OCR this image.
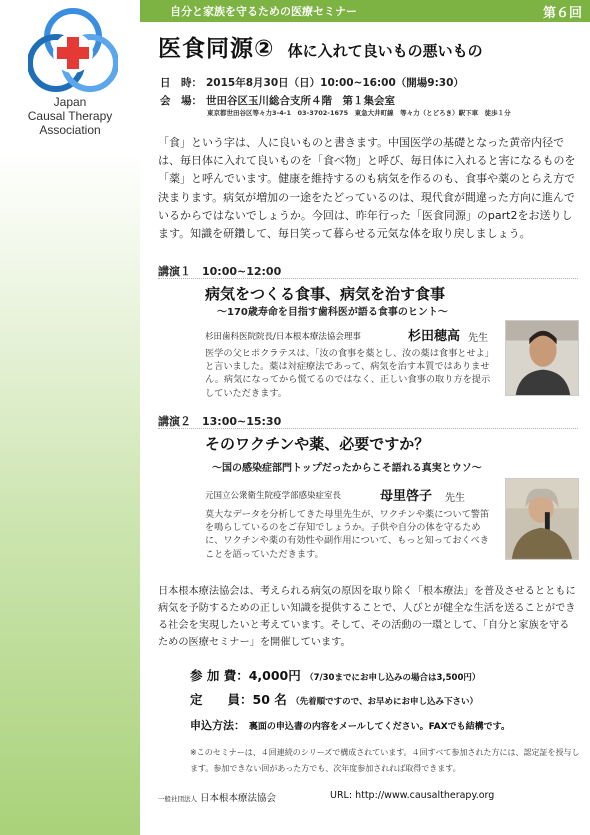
Japan
Causal Therapy
Association
自分と家族を守るための医療セミナー	第６回
医食同源② 体に入れて良いもの悪いもの
日　時： 2015年8月30日（日）10:00~16:00（開場9:30）
会　場： 世田谷区玉川総合支所４階　第１集会室
東京都世田谷区等々力3-4-1　03-3702-1675　東急大井町線　等々力（とどろき）駅下車　徒歩１分
「食」という字は、人に良いものと書きます。中国医学の基礎となった黄帝内径では、毎日体に入れて良いものを「食べ物」と呼び、毎日体に入れると害になるものを「薬」と呼んでいます。健康を維持するのも病気を作るのも、食事や薬のとらえ方で決まります。病気が増加の一途をたどっているのは、現代食が間違った方向に進んでいるからではないでしょうか。今回は、昨年行った「医食同源」のpart2をお送りします。知識を研鑽して、毎日笑って暮らせる元気な体を取り戻しましょう。
講演１　10:00~12:00
病気をつくる食事、病気を治す食事
～170歳寿命を目指す歯科医が語る食事のヒント～
杉田歯科医院院長/日本根本療法協会理事	杉田穂高 先生
医学の父ヒポクラテスは、「汝の食事を薬とし、汝の薬は食事とせよ」と言いました。薬は対症療法であって、病気を治す本質ではありません。病気になってから慌てるのではなく、正しい食事の取り方を提示していただきます。
講演２　13:00~15:30
そのワクチンや薬、必要ですか？
～国の感染症部門トップだったからこそ語れる真実とウソ～
元国立公衆衛生院疫学部感染症室長	母里啓子 先生
莫大なデータを分析してきた母里先生が、ワクチンや薬について警笛を鳴らしているのをご存知でしょうか。子供や自分の体を守るために、ワクチンや薬の有効性や副作用について、もっと知っておくべきことを語っていただきます。
日本根本療法協会は、考えられる病気の原因を取り除く「根本療法」を普及させるとともに病気を予防するための正しい知識を提供することで、人びとが健全な生活を送ることができる社会を実現したいと考えています。そして、その活動の一環として、「自分と家族を守るための医療セミナー」を開催しています。
参 加 費：4,000円 （7/30までにお申し込みの場合は3,500円）
定　　員：50 名 （先着順ですので、お早めにお申し込み下さい）
申込方法： 裏面の申込書の内容をメールしてください。FAXでも結構です。
※このセミナーは、４回連続のシリーズで構成されています。４回すべて参加された方には、認定証を授与します。参加できない回があった方でも、次年度参加されれば取得できます。
一般社団法人 日本根本療法協会	URL: http://www.causaltherapy.org
